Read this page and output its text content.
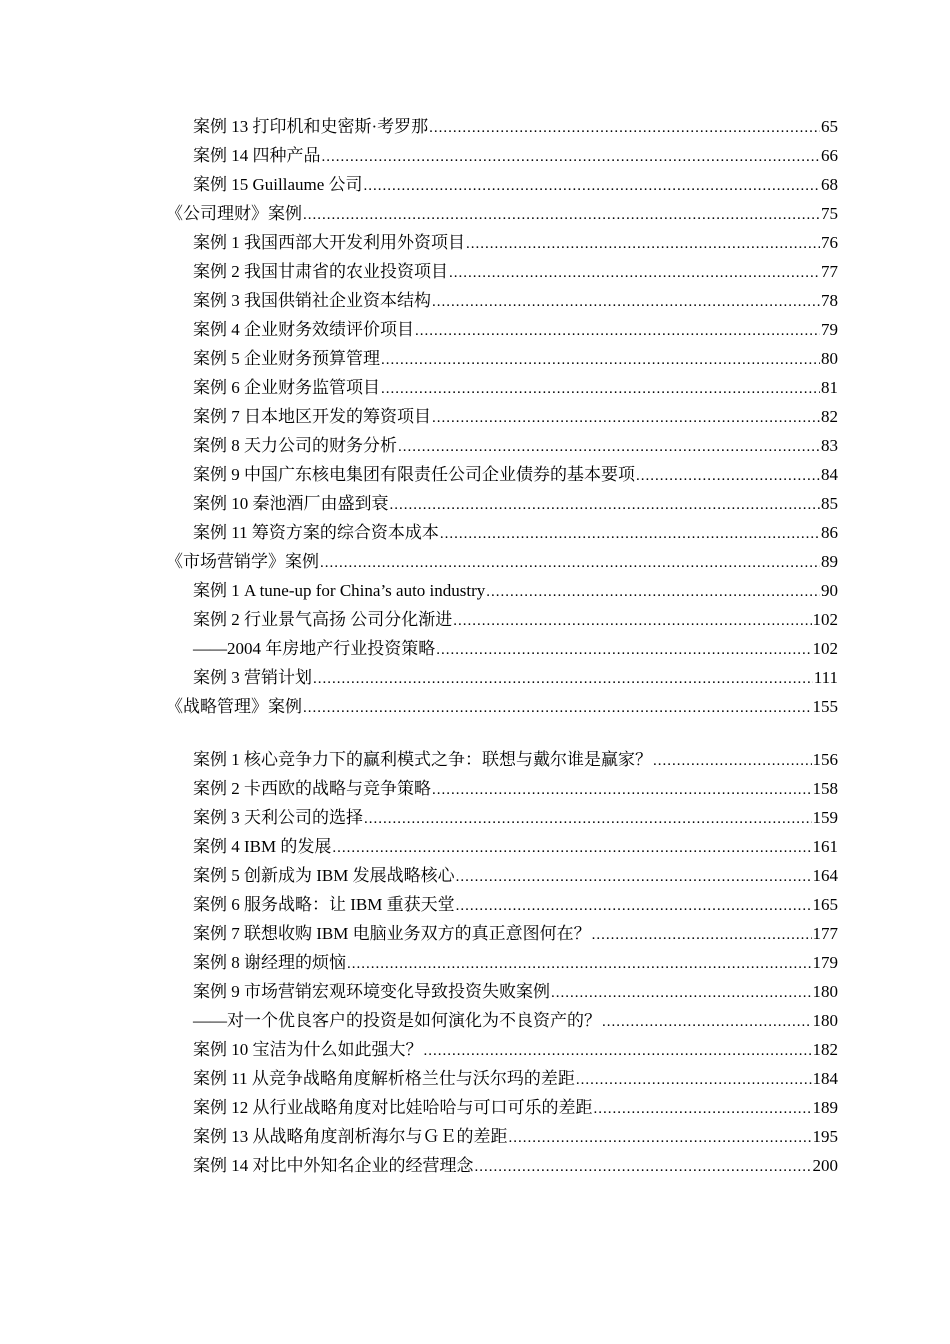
案例 13 打印机和史密斯·考罗那 .....	65
案例 14 四种产品 .....	66
案例 15 Guillaume 公司 .....	68
《公司理财》案例 .....	75
案例 1 我国西部大开发利用外资项目 .....	76
案例 2 我国甘肃省的农业投资项目 .....	77
案例 3 我国供销社企业资本结构 .....	78
案例 4 企业财务效绩评价项目 .....	79
案例 5 企业财务预算管理 .....	80
案例 6 企业财务监管项目 .....	81
案例 7 日本地区开发的筹资项目 .....	82
案例 8 天力公司的财务分析 .....	83
案例 9 中国广东核电集团有限责任公司企业债券的基本要项 .....	84
案例 10 秦池酒厂由盛到衰 .....	85
案例 11 筹资方案的综合资本成本 .....	86
《市场营销学》案例 .....	89
案例 1 A tune-up for China’s auto industry .....	90
案例 2 行业景气高扬 公司分化渐进 .....	102
——2004 年房地产行业投资策略 .....	102
案例 3 营销计划 .....	111
《战略管理》案例 .....	155
案例 1 核心竞争力下的赢利模式之争：联想与戴尔谁是赢家？ .....	156
案例 2 卡西欧的战略与竞争策略 .....	158
案例 3 天利公司的选择 .....	159
案例 4 IBM 的发展 .....	161
案例 5 创新成为 IBM 发展战略核心 .....	164
案例 6 服务战略：让 IBM 重获天堂 .....	165
案例 7 联想收购 IBM 电脑业务双方的真正意图何在？ .....	177
案例 8 谢经理的烦恼 .....	179
案例 9 市场营销宏观环境变化导致投资失败案例 .....	180
——对一个优良客户的投资是如何演化为不良资产的？ .....	180
案例 10 宝洁为什么如此强大？ .....	182
案例 11 从竞争战略角度解析格兰仕与沃尔玛的差距 .....	184
案例 12 从行业战略角度对比娃哈哈与可口可乐的差距 .....	189
案例 13 从战略角度剖析海尔与ＧＥ的差距 .....	195
案例 14 对比中外知名企业的经营理念 .....	200
